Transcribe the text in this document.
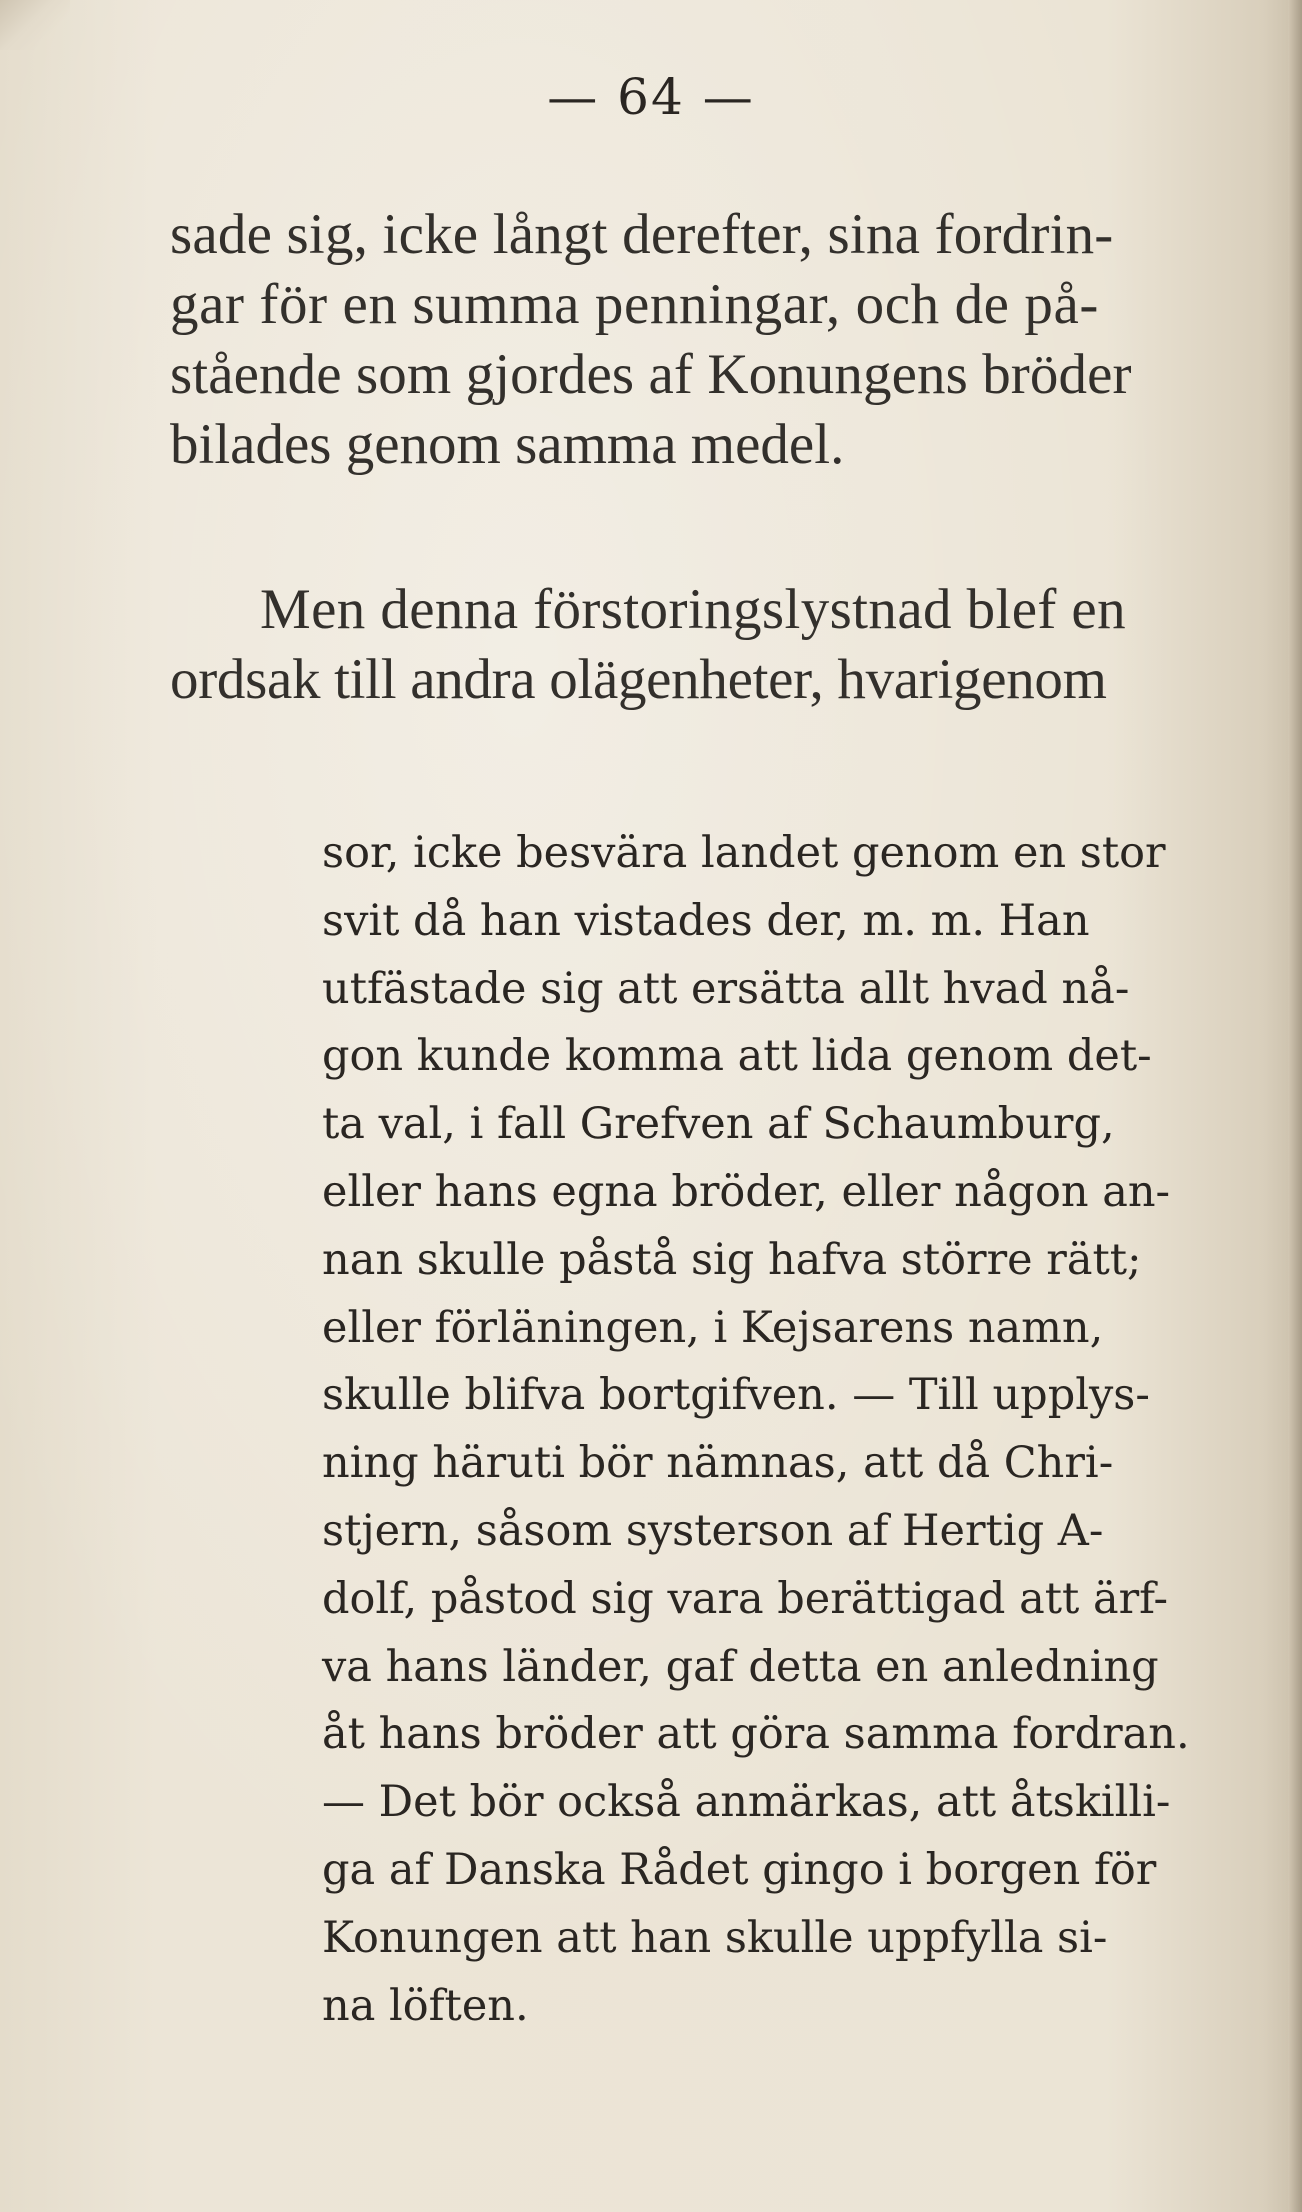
— 64 —
sade sig, icke långt derefter, sina fordrin-
gar för en summa penningar, och de på-
stående som gjordes af Konungens bröder
bilades genom samma medel.
Men denna förstoringslystnad blef en
ordsak till andra olägenheter, hvarigenom
sor, icke besvära landet genom en stor
svit då han vistades der, m. m. Han
utfästade sig att ersätta allt hvad nå-
gon kunde komma att lida genom det-
ta val, i fall Grefven af Schaumburg,
eller hans egna bröder, eller någon an-
nan skulle påstå sig hafva större rätt;
eller förläningen, i Kejsarens namn,
skulle blifva bortgifven. — Till upplys-
ning häruti bör nämnas, att då Chri-
stjern, såsom systerson af Hertig A-
dolf, påstod sig vara berättigad att ärf-
va hans länder, gaf detta en anledning
åt hans bröder att göra samma fordran.
— Det bör också anmärkas, att åtskilli-
ga af Danska Rådet gingo i borgen för
Konungen att han skulle uppfylla si-
na löften.
